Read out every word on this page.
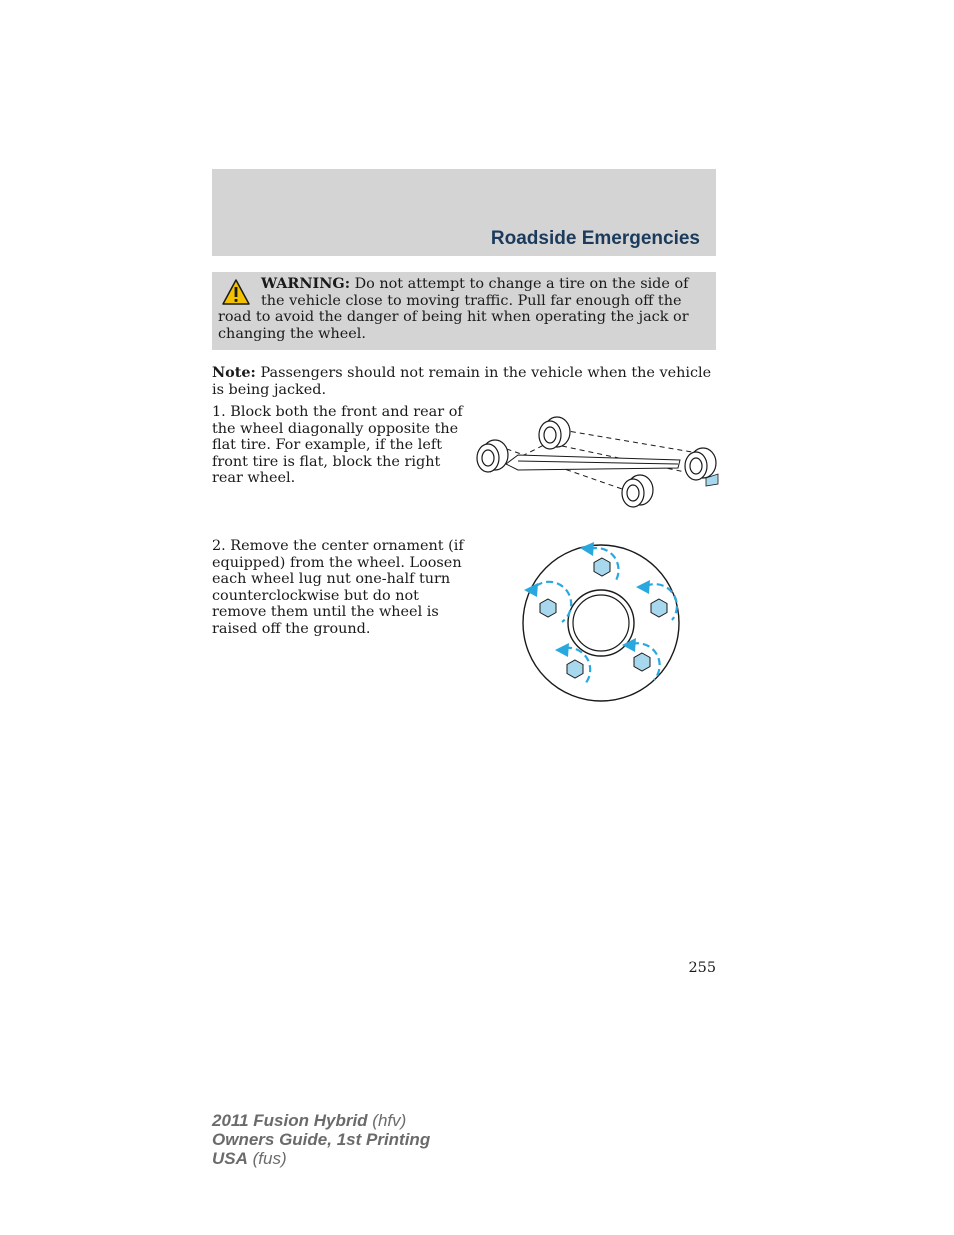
Roadside Emergencies
WARNING: Do not attempt to change a tire on the side of the vehicle close to moving traffic. Pull far enough off the road to avoid the danger of being hit when operating the jack or changing the wheel.
Note: Passengers should not remain in the vehicle when the vehicle is being jacked.
1. Block both the front and rear of the wheel diagonally opposite the flat tire. For example, if the left front tire is flat, block the right rear wheel.
2. Remove the center ornament (if equipped) from the wheel. Loosen each wheel lug nut one-half turn counterclockwise but do not remove them until the wheel is raised off the ground.
255
2011 Fusion Hybrid (hfv)
Owners Guide, 1st Printing
USA (fus)
